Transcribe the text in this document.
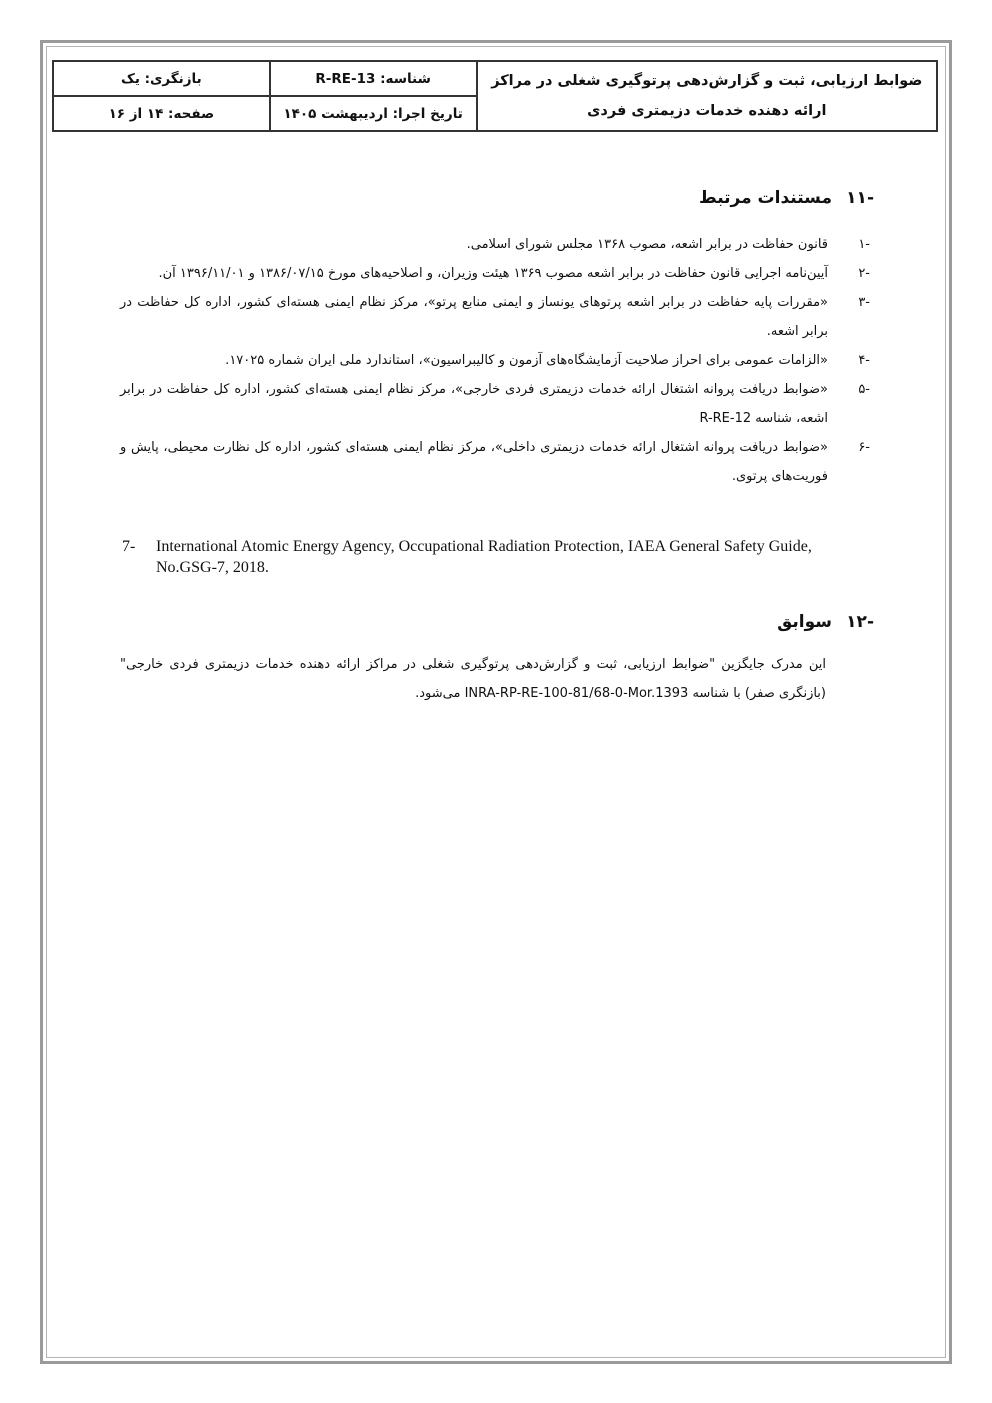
ضوابط ارزیابی، ثبت و گزارش‌دهی پرتوگیری شغلی در مراکز ارائه دهنده خدمات دزیمتری فردی	شناسه: R-RE-13	بازنگری: یک
	تاریخ اجرا: اردیبهشت ۱۴۰۵	صفحه: ۱۴ از ۱۶
-۱۱مستندات مرتبط
-۱
قانون حفاظت در برابر اشعه، مصوب ۱۳۶۸ مجلس شورای اسلامی.
-۲
آیین‌نامه اجرایی قانون حفاظت در برابر اشعه مصوب ۱۳۶۹ هیئت وزیران، و اصلاحیه‌های مورخ ۱۳۸۶/۰۷/۱۵ و ۱۳۹۶/۱۱/۰۱ آن.
-۳
«مقررات پایه حفاظت در برابر اشعه پرتوهای یونساز و ایمنی منابع پرتو»، مرکز نظام ایمنی هسته‌ای کشور، اداره کل حفاظت در برابر اشعه.
-۴
«الزامات عمومی برای احراز صلاحیت آزمایشگاه‌های آزمون و کالیبراسیون»، استاندارد ملی ایران شماره ۱۷۰۲۵.
-۵
«ضوابط دریافت پروانه اشتغال ارائه خدمات دزیمتری فردی خارجی»، مرکز نظام ایمنی هسته‌ای کشور، اداره کل حفاظت در برابر اشعه، شناسه R-RE-12
-۶
«ضوابط دریافت پروانه اشتغال ارائه خدمات دزیمتری داخلی»، مرکز نظام ایمنی هسته‌ای کشور، اداره کل نظارت محیطی، پایش و فوریت‌های پرتوی.
7-	International Atomic Energy Agency, Occupational Radiation Protection, IAEA General Safety Guide, No.GSG-7, 2018.
-۱۲سوابق
این مدرک جایگزین "ضوابط ارزیابی، ثبت و گزارش‌دهی پرتوگیری شغلی در مراکز ارائه دهنده خدمات دزیمتری فردی خارجی" (بازنگری صفر) با شناسه INRA-RP-RE-100-81/68-0-Mor.1393 می‌شود.
